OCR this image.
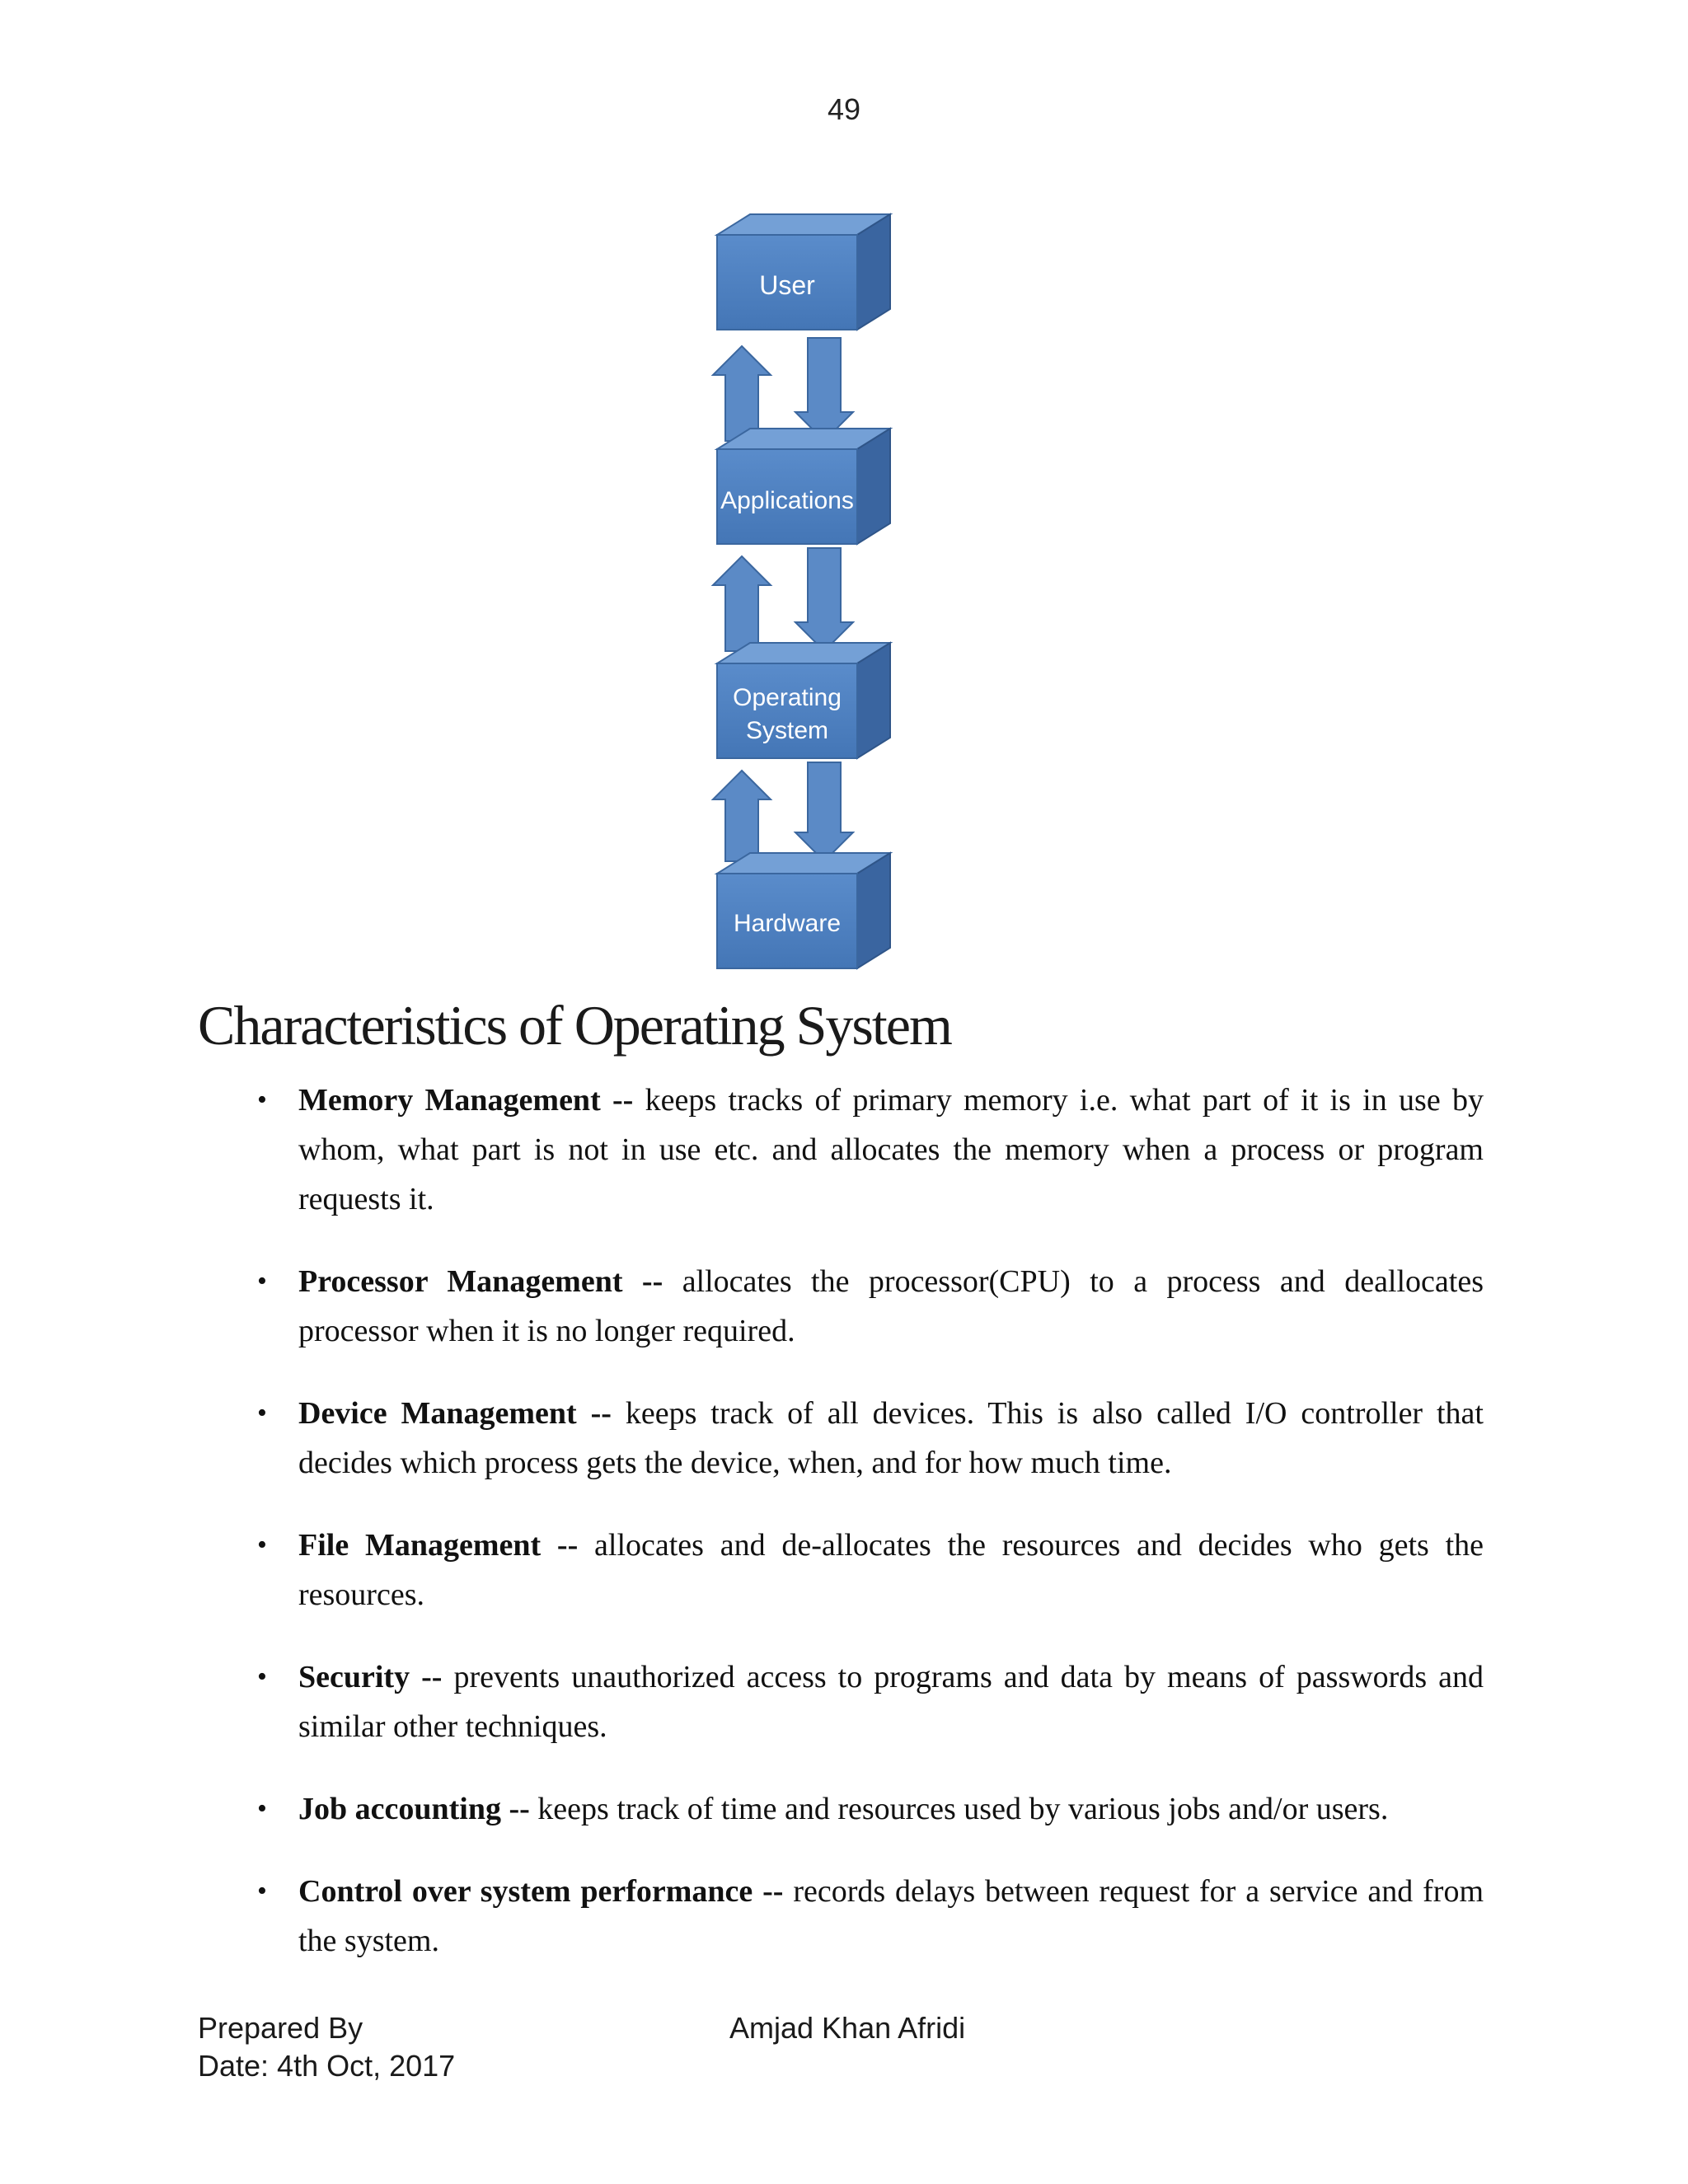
49
User
Applications
Operating System
Hardware
Characteristics of Operating System
• Memory Management -- keeps tracks of primary memory i.e. what part of it is in use by whom, what part is not in use etc. and allocates the memory when a process or program requests it.
• Processor Management -- allocates the processor(CPU) to a process and deallocates processor when it is no longer required.
• Device Management -- keeps track of all devices. This is also called I/O controller that decides which process gets the device, when, and for how much time.
• File Management -- allocates and de-allocates the resources and decides who gets the resources.
• Security -- prevents unauthorized access to programs and data by means of passwords and similar other techniques.
• Job accounting -- keeps track of time and resources used by various jobs and/or users.
• Control over system performance -- records delays between request for a service and from the system.
Prepared By	Amjad Khan Afridi
Date: 4th Oct, 2017
